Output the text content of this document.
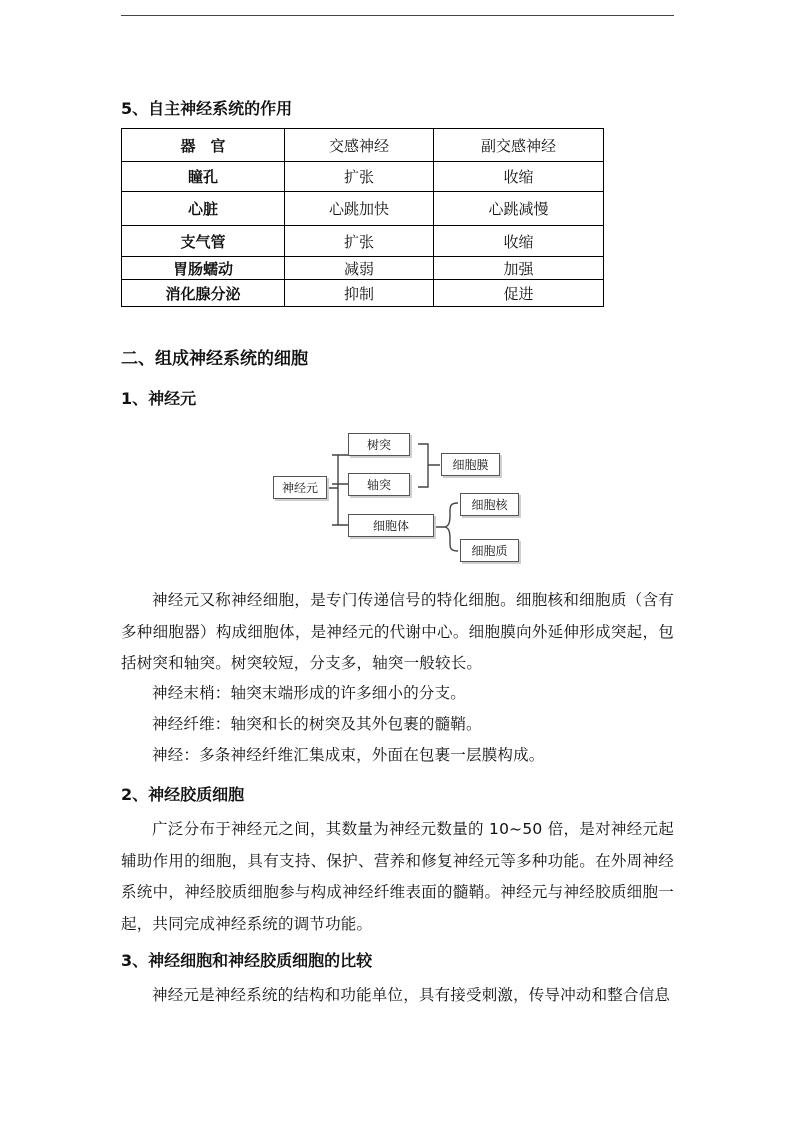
5、自主神经系统的作用
器　官	交感神经	副交感神经
瞳孔	扩张	收缩
心脏	心跳加快	心跳减慢
支气管	扩张	收缩
胃肠蠕动	减弱	加强
消化腺分泌	抑制	促进
二、组成神经系统的细胞
1、神经元
神经元
树突
轴突
细胞膜
细胞体
细胞核
细胞质

神经元又称神经细胞，是专门传递信号的特化细胞。细胞核和细胞质（含有多种细胞器）构成细胞体，是神经元的代谢中心。细胞膜向外延伸形成突起，包括树突和轴突。树突较短，分支多，轴突一般较长。

神经末梢：轴突末端形成的许多细小的分支。

神经纤维：轴突和长的树突及其外包裹的髓鞘。

神经：多条神经纤维汇集成束，外面在包裹一层膜构成。

2、神经胶质细胞

广泛分布于神经元之间，其数量为神经元数量的 10~50 倍，是对神经元起辅助作用的细胞，具有支持、保护、营养和修复神经元等多种功能。在外周神经系统中，神经胶质细胞参与构成神经纤维表面的髓鞘。神经元与神经胶质细胞一起，共同完成神经系统的调节功能。

3、神经细胞和神经胶质细胞的比较

神经元是神经系统的结构和功能单位，具有接受刺激，传导冲动和整合信息
